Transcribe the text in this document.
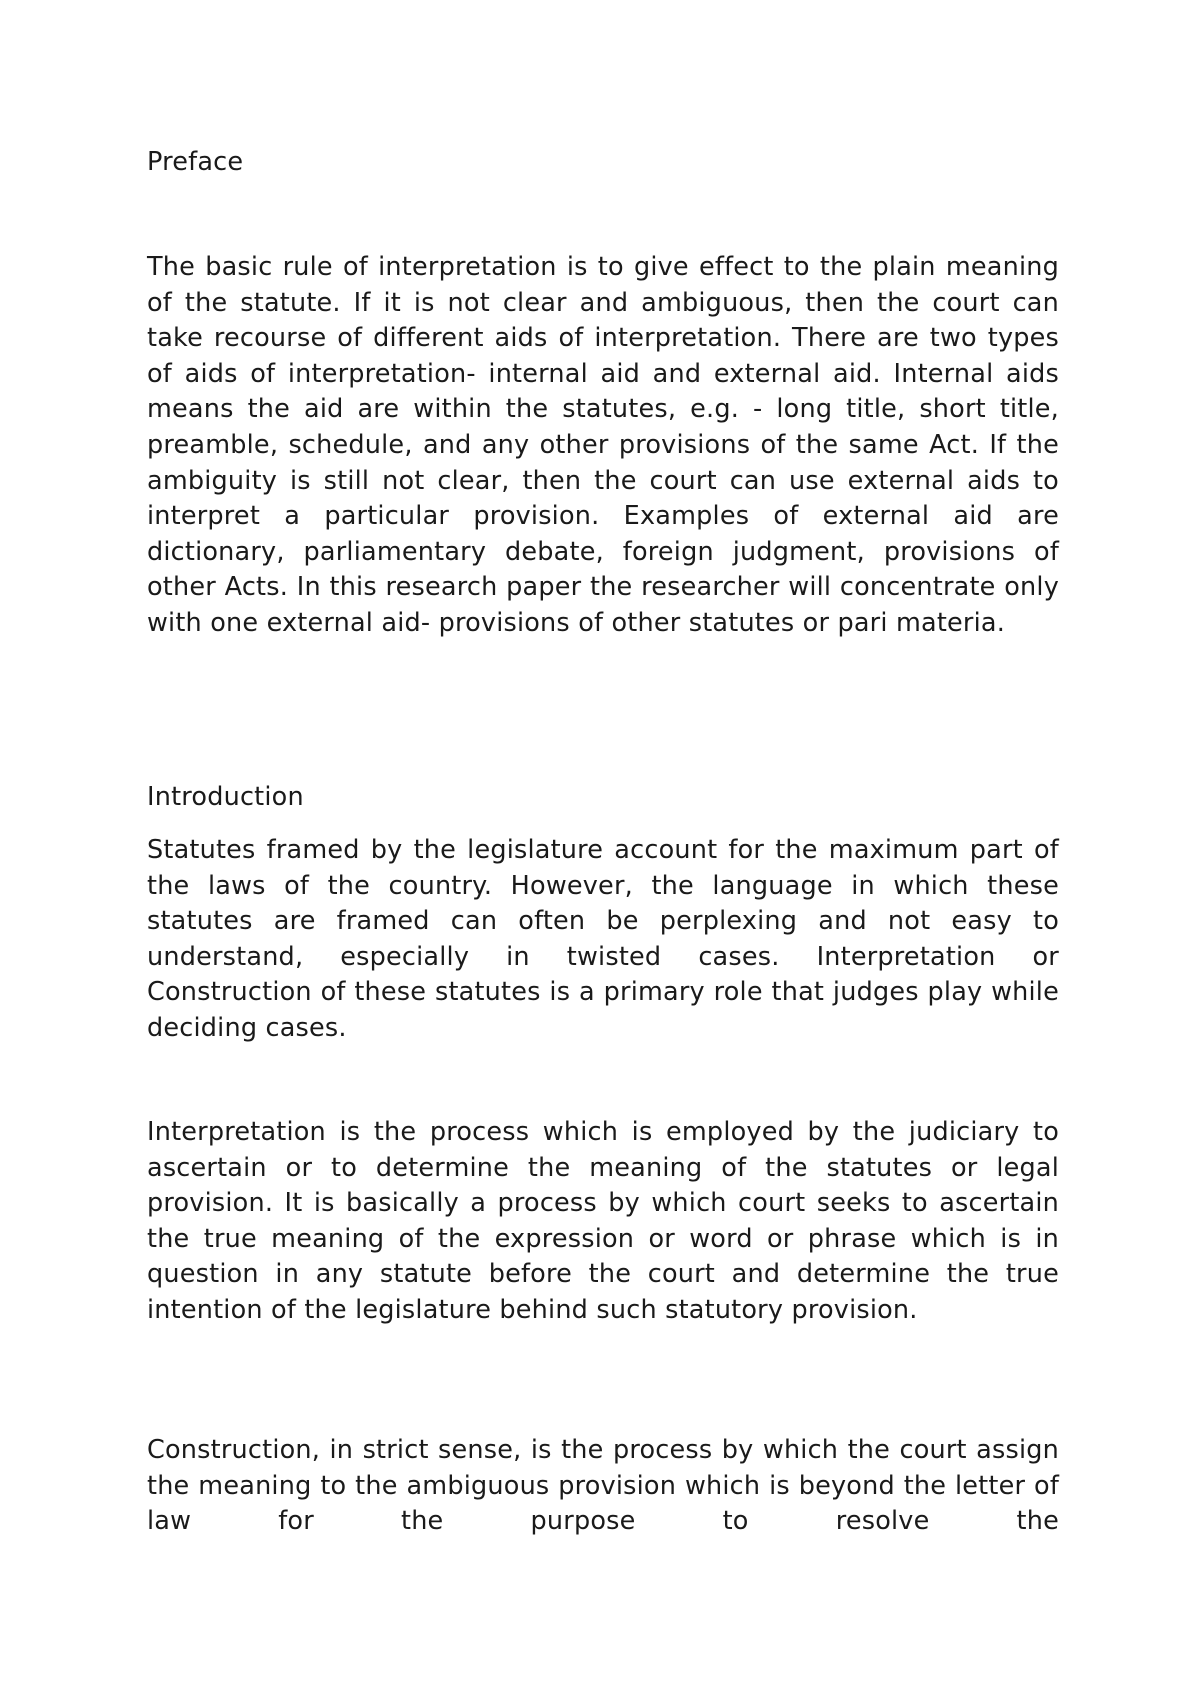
Preface

The basic rule of interpretation is to give effect to the plain meaning of the statute. If it is not clear and ambiguous, then the court can take recourse of different aids of interpretation. There are two types of aids of interpretation- internal aid and external aid. Internal aids means the aid are within the statutes, e.g. - long title, short title, preamble, schedule, and any other provisions of the same Act. If the ambiguity is still not clear, then the court can use external aids to interpret a particular provision. Examples of external aid are dictionary, parliamentary debate, foreign judgment, provisions of other Acts. In this research paper the researcher will concentrate only with one external aid- provisions of other statutes or pari materia.

Introduction

Statutes framed by the legislature account for the maximum part of the laws of the country. However, the language in which these statutes are framed can often be perplexing and not easy to understand, especially in twisted cases. Interpretation or Construction of these statutes is a primary role that judges play while deciding cases.

Interpretation is the process which is employed by the judiciary to ascertain or to determine the meaning of the statutes or legal provision. It is basically a process by which court seeks to ascertain the true meaning of the expression or word or phrase which is in question in any statute before the court and determine the true intention of the legislature behind such statutory provision.

Construction, in strict sense, is the process by which the court assign the meaning to the ambiguous provision which is beyond the letter of law for the purpose to resolve the
